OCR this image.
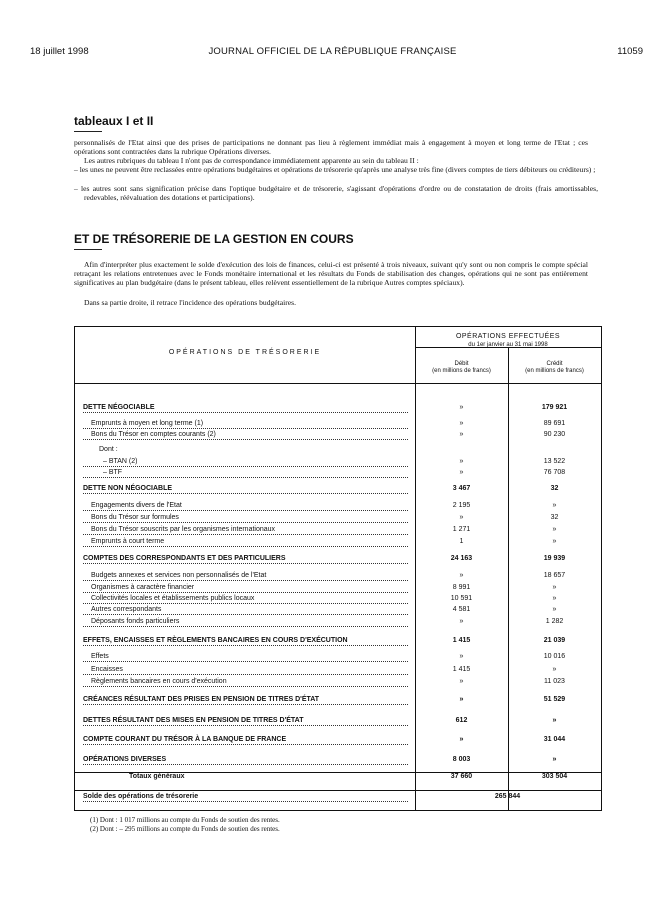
18 juillet 1998	JOURNAL OFFICIEL DE LA RÉPUBLIQUE FRANÇAISE	11059
tableaux I et II
personnalisés de l'Etat ainsi que des prises de participations ne donnant pas lieu à règlement immédiat mais à engagement à moyen et long terme de l'Etat ; ces opérations sont contractées dans la rubrique Opérations diverses.
Les autres rubriques du tableau I n'ont pas de correspondance immédiatement apparente au sein du tableau II :
– les unes ne peuvent être reclassées entre opérations budgétaires et opérations de trésorerie qu'après une analyse très fine (divers comptes de tiers débiteurs ou créditeurs) ;
– les autres sont sans signification précise dans l'optique budgétaire et de trésorerie, s'agissant d'opérations d'ordre ou de constatation de droits (frais amortissables, redevables, réévaluation des dotations et participations).
ET DE TRÉSORERIE DE LA GESTION EN COURS
Afin d'interpréter plus exactement le solde d'exécution des lois de finances, celui-ci est présenté à trois niveaux, suivant qu'y sont ou non compris le compte spécial retraçant les relations entretenues avec le Fonds monétaire international et les résultats du Fonds de stabilisation des changes, opérations qui ne sont pas entièrement significatives au plan budgétaire (dans le présent tableau, elles relèvent essentiellement de la rubrique Autres comptes spéciaux).
Dans sa partie droite, il retrace l'incidence des opérations budgétaires.
OPÉRATIONS DE TRÉSORERIE
OPÉRATIONS EFFECTUÉES
du 1er janvier au 31 mai 1998
Débit
(en millions de francs)
Crédit
(en millions de francs)
DETTE NÉGOCIABLE	»	179 921
Emprunts à moyen et long terme (1)	»	89 691
Bons du Trésor en comptes courants (2)	»	90 230
Dont :
– BTAN (2)	»	13 522
– BTF	»	76 708
DETTE NON NÉGOCIABLE	3 467	32
Engagements divers de l'Etat	2 195	»
Bons du Trésor sur formules	»	32
Bons du Trésor souscrits par les organismes internationaux	1 271	»
Emprunts à court terme	1	»
COMPTES DES CORRESPONDANTS ET DES PARTICULIERS	24 163	19 939
Budgets annexes et services non personnalisés de l'Etat	»	18 657
Organismes à caractère financier	8 991	»
Collectivités locales et établissements publics locaux	10 591	»
Autres correspondants	4 581	»
Déposants fonds particuliers	»	1 282
EFFETS, ENCAISSES ET RÈGLEMENTS BANCAIRES EN COURS D'EXÉCUTION	1 415	21 039
Effets	»	10 016
Encaisses	1 415	»
Règlements bancaires en cours d'exécution	»	11 023
CRÉANCES RÉSULTANT DES PRISES EN PENSION DE TITRES D'ÉTAT	»	51 529
DETTES RÉSULTANT DES MISES EN PENSION DE TITRES D'ÉTAT	612	»
COMPTE COURANT DU TRÉSOR À LA BANQUE DE FRANCE	»	31 044
OPÉRATIONS DIVERSES	8 003	»
Totaux généraux	37 660	303 504
Solde des opérations de trésorerie	265 844
(1) Dont : 1 017 millions au compte du Fonds de soutien des rentes.
(2) Dont : – 295 millions au compte du Fonds de soutien des rentes.
